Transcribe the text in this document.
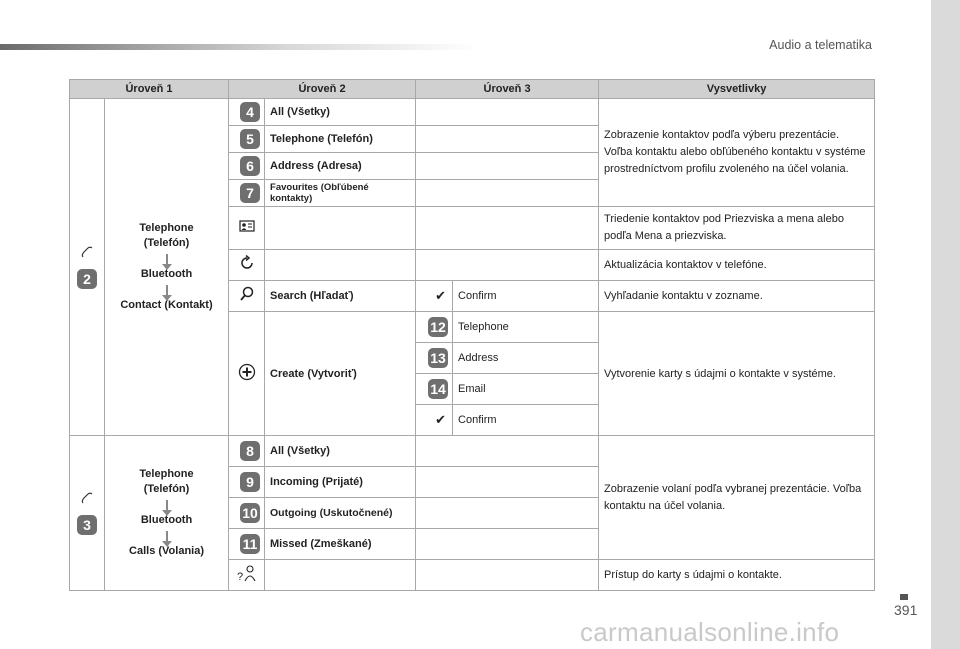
Audio a telematika
Úroveň 1		Úroveň 2		Úroveň 3		Vysvetlivky

2	Telephone
(Telefón)
Bluetooth
Contact (Kontakt)	4	All (Všetky)			Zobrazenie kontaktov podľa výberu prezentácie. Voľba kontaktu alebo obľúbeného kontaktu v systéme prostredníctvom profilu zvoleného na účel volania.
		5	Telephone (Telefón)			
		6	Address (Adresa)			
		7	Favourites (Obľúbené kontakty)			
			Triedenie kontaktov pod Priezviska a mena alebo podľa Mena a priezviska.
			Aktualizácia kontaktov v telefóne.
	Search (Hľadať)	✔	Confirm	Vyhľadanie kontaktu v zozname.
	Create (Vytvoriť)	12	Telephone	Vytvorenie karty s údajmi o kontakte v systéme.
				13	Address	
				14	Email	
				✔	Confirm	

3	Telephone
(Telefón)
Bluetooth
Calls (Volania)	8	All (Všetky)			Zobrazenie volaní podľa vybranej prezentácie. Voľba kontaktu na účel volania.
		9	Incoming (Prijaté)			
		10	Outgoing (Uskutočnené)			
		11	Missed (Zmeškané)			

?				Prístup do karty s údajmi o kontakte.
391
carmanualsonline.info
